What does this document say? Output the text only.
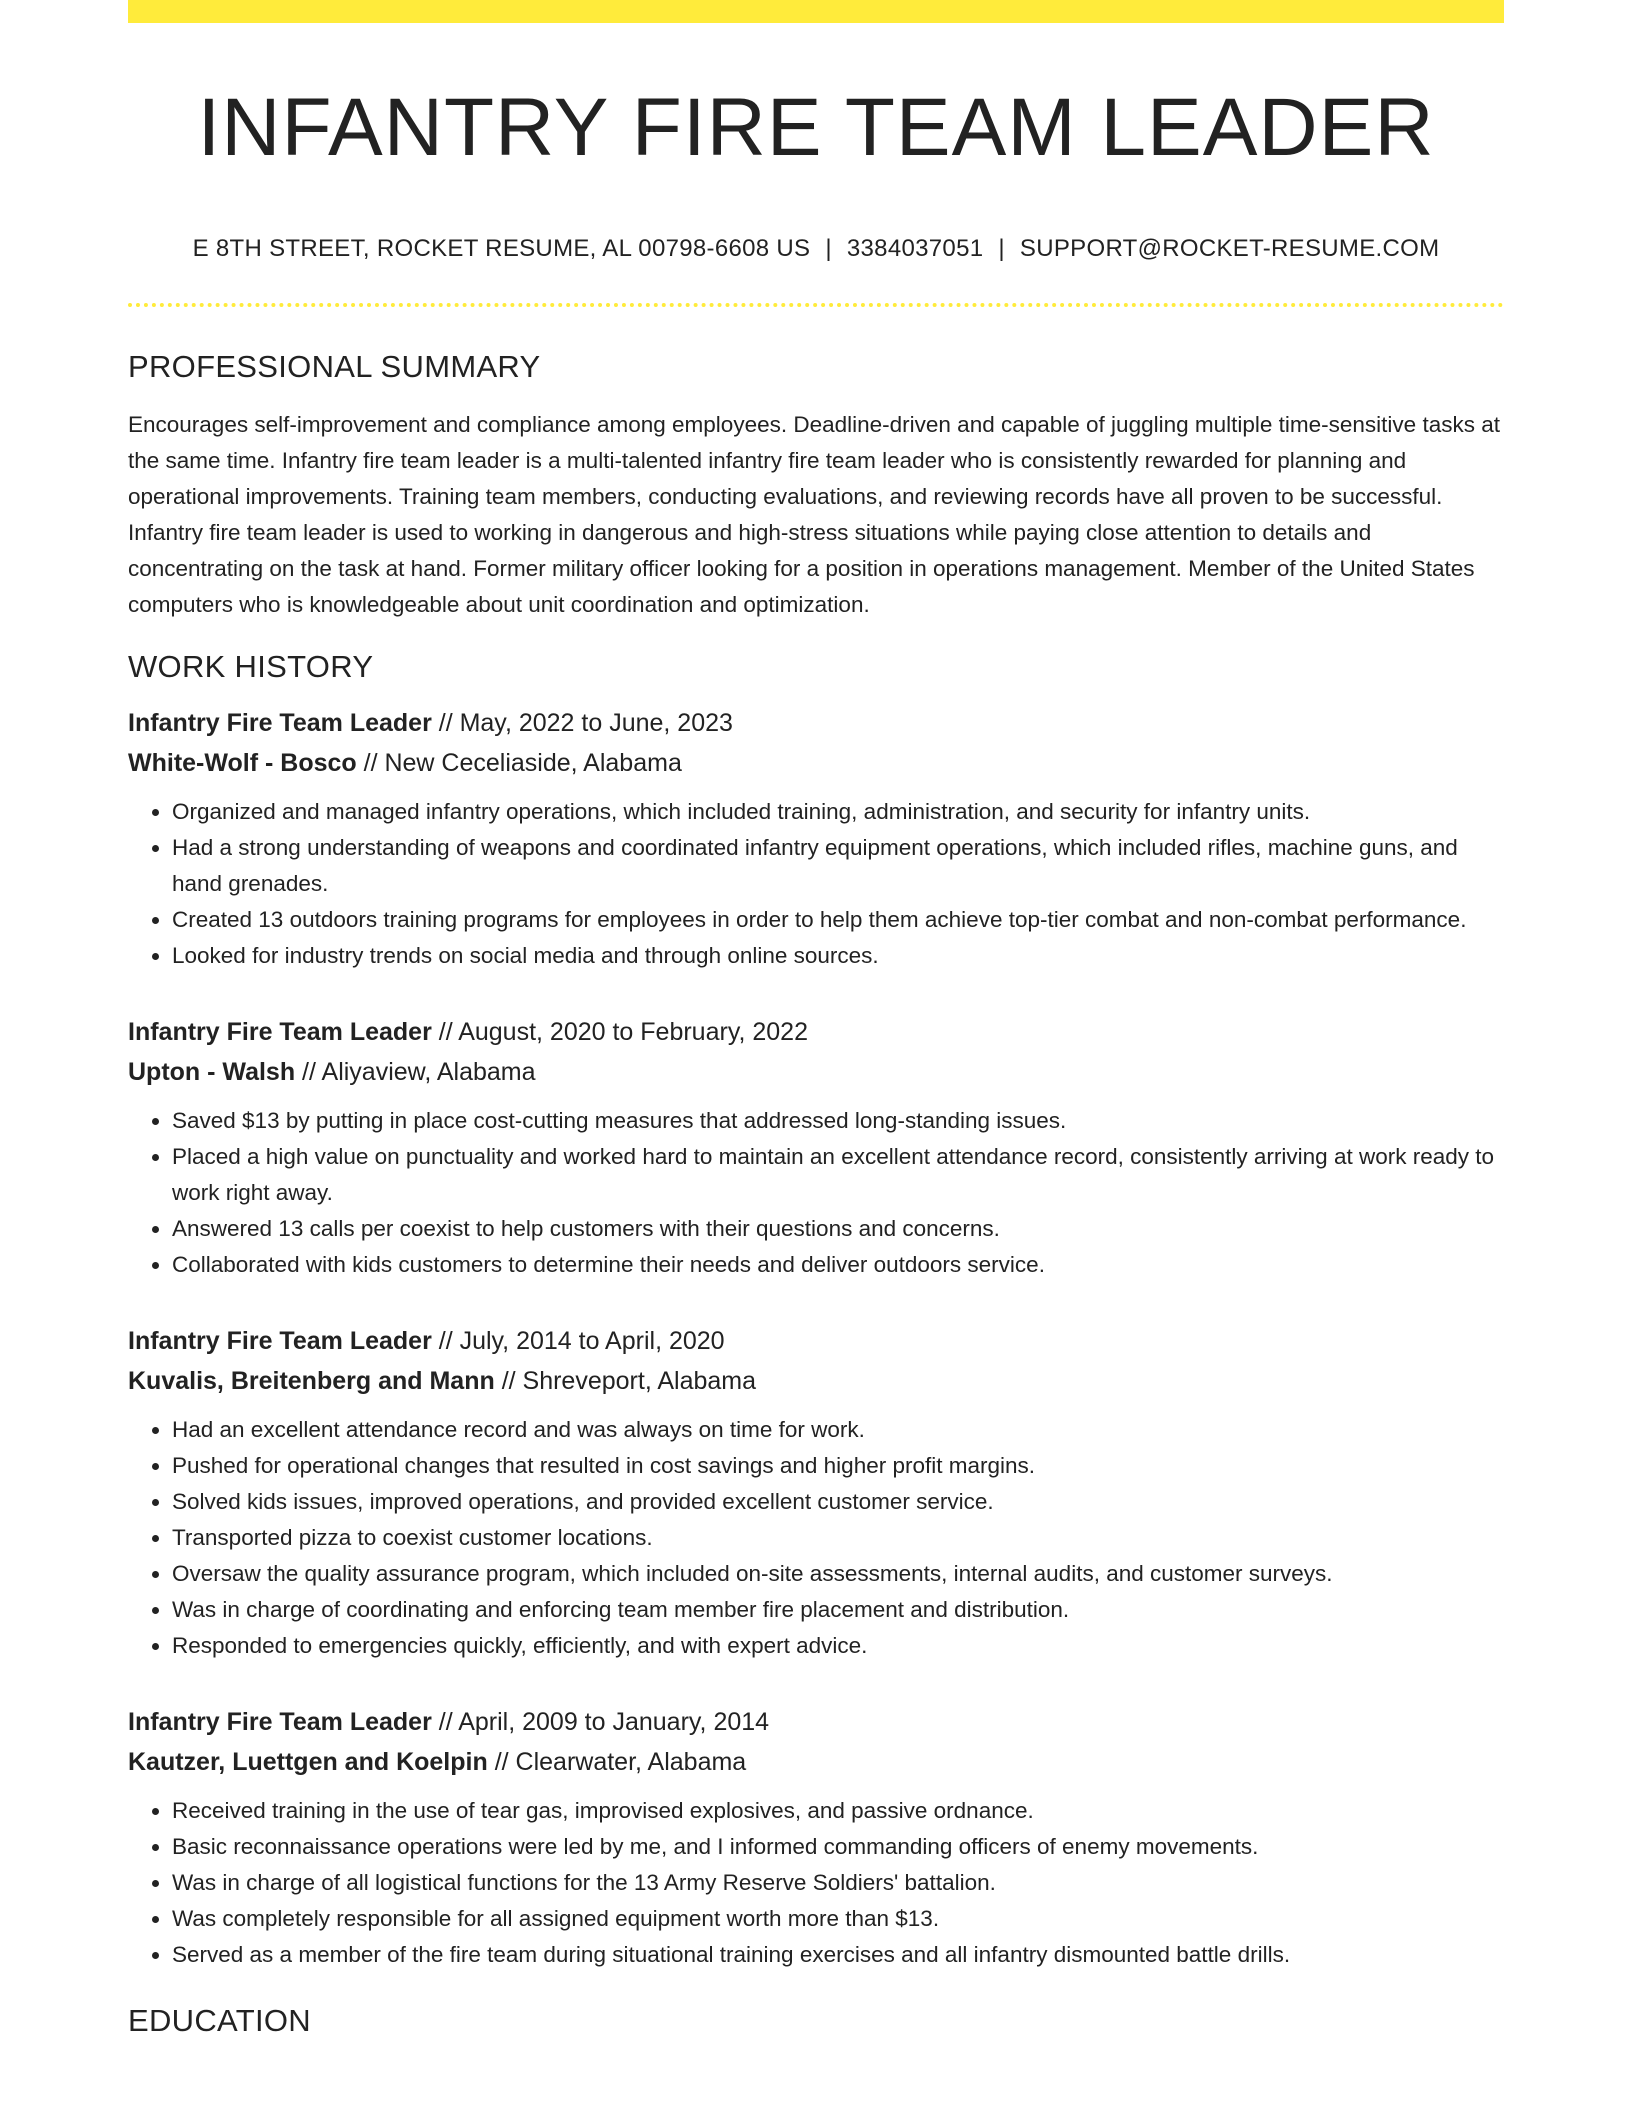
INFANTRY FIRE TEAM LEADER
E 8TH STREET, ROCKET RESUME, AL 00798-6608 US | 3384037051 | SUPPORT@ROCKET-RESUME.COM
PROFESSIONAL SUMMARY
Encourages self-improvement and compliance among employees. Deadline-driven and capable of juggling multiple time-sensitive tasks at the same time. Infantry fire team leader is a multi-talented infantry fire team leader who is consistently rewarded for planning and operational improvements. Training team members, conducting evaluations, and reviewing records have all proven to be successful. Infantry fire team leader is used to working in dangerous and high-stress situations while paying close attention to details and concentrating on the task at hand. Former military officer looking for a position in operations management. Member of the United States computers who is knowledgeable about unit coordination and optimization.
WORK HISTORY
Infantry Fire Team Leader // May, 2022 to June, 2023
White-Wolf - Bosco // New Ceceliaside, Alabama
• Organized and managed infantry operations, which included training, administration, and security for infantry units.
• Had a strong understanding of weapons and coordinated infantry equipment operations, which included rifles, machine guns, and hand grenades.
• Created 13 outdoors training programs for employees in order to help them achieve top-tier combat and non-combat performance.
• Looked for industry trends on social media and through online sources.
Infantry Fire Team Leader // August, 2020 to February, 2022
Upton - Walsh // Aliyaview, Alabama
• Saved $13 by putting in place cost-cutting measures that addressed long-standing issues.
• Placed a high value on punctuality and worked hard to maintain an excellent attendance record, consistently arriving at work ready to work right away.
• Answered 13 calls per coexist to help customers with their questions and concerns.
• Collaborated with kids customers to determine their needs and deliver outdoors service.
Infantry Fire Team Leader // July, 2014 to April, 2020
Kuvalis, Breitenberg and Mann // Shreveport, Alabama
• Had an excellent attendance record and was always on time for work.
• Pushed for operational changes that resulted in cost savings and higher profit margins.
• Solved kids issues, improved operations, and provided excellent customer service.
• Transported pizza to coexist customer locations.
• Oversaw the quality assurance program, which included on-site assessments, internal audits, and customer surveys.
• Was in charge of coordinating and enforcing team member fire placement and distribution.
• Responded to emergencies quickly, efficiently, and with expert advice.
Infantry Fire Team Leader // April, 2009 to January, 2014
Kautzer, Luettgen and Koelpin // Clearwater, Alabama
• Received training in the use of tear gas, improvised explosives, and passive ordnance.
• Basic reconnaissance operations were led by me, and I informed commanding officers of enemy movements.
• Was in charge of all logistical functions for the 13 Army Reserve Soldiers' battalion.
• Was completely responsible for all assigned equipment worth more than $13.
• Served as a member of the fire team during situational training exercises and all infantry dismounted battle drills.
EDUCATION
